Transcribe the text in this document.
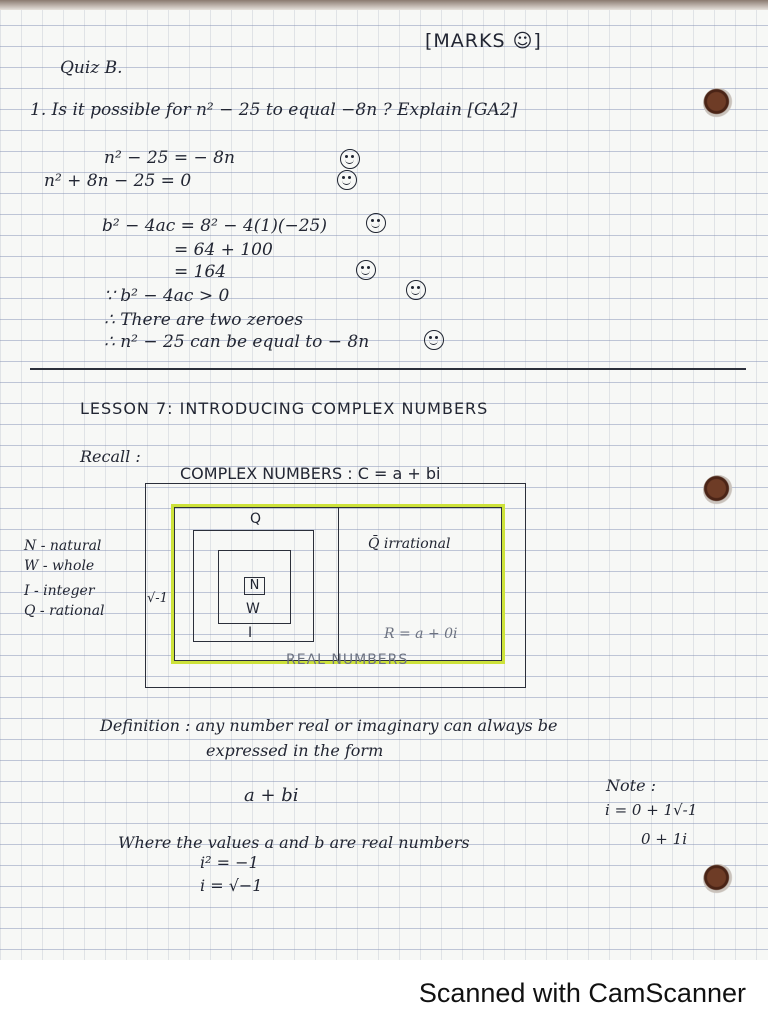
[MARKS ☺]
Quiz B.
1. Is it possible for n² − 25 to equal −8n ? Explain [GA2]
n² − 25 = − 8n
n² + 8n − 25 = 0
b² − 4ac = 8² − 4(1)(−25)
= 64 + 100
= 164
∵ b² − 4ac > 0
∴ There are two zeroes
∴ n² − 25 can be equal to − 8n
LESSON 7: INTRODUCING COMPLEX NUMBERS
Recall :
COMPLEX NUMBERS : C = a + bi
Q
N
W
I
Q̄ irrational
√-1
R = a + 0i
REAL NUMBERS
N - natural
W - whole
I - integer
Q - rational
Definition : any number real or imaginary can always be
expressed in the form
a + bi	Note :
i = 0 + 1√-1
0 + 1i
Where the values a and b are real numbers
i² = −1
i = √−1
Scanned with CamScanner
